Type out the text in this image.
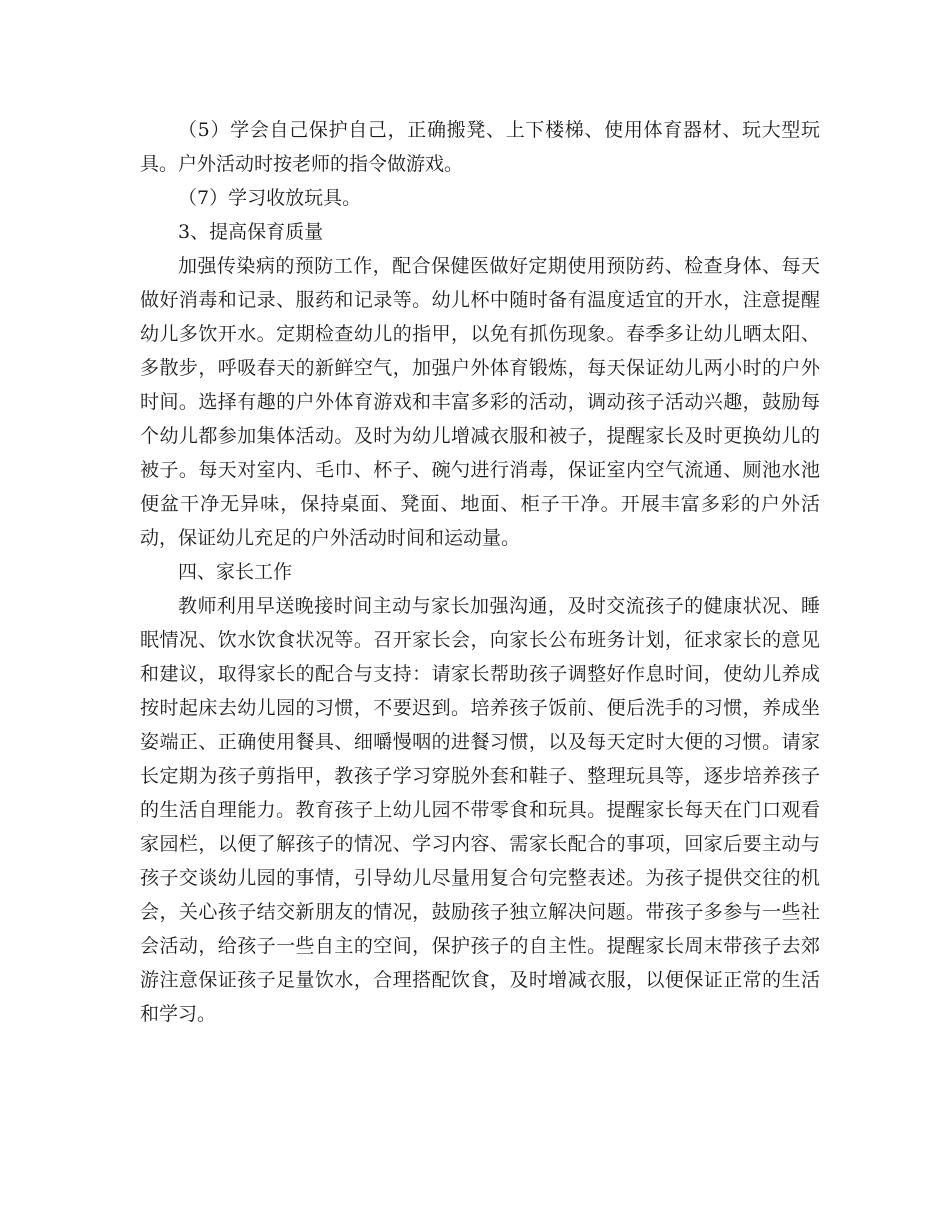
（5）学会自己保护自己，正确搬凳、上下楼梯、使用体育器材、玩大型玩具。户外活动时按老师的指令做游戏。

（7）学习收放玩具。

3、提高保育质量

加强传染病的预防工作，配合保健医做好定期使用预防药、检查身体、每天做好消毒和记录、服药和记录等。幼儿杯中随时备有温度适宜的开水，注意提醒幼儿多饮开水。定期检查幼儿的指甲，以免有抓伤现象。春季多让幼儿晒太阳、多散步，呼吸春天的新鲜空气，加强户外体育锻炼，每天保证幼儿两小时的户外时间。选择有趣的户外体育游戏和丰富多彩的活动，调动孩子活动兴趣，鼓励每个幼儿都参加集体活动。及时为幼儿增减衣服和被子，提醒家长及时更换幼儿的被子。每天对室内、毛巾、杯子、碗勺进行消毒，保证室内空气流通、厕池水池便盆干净无异味，保持桌面、凳面、地面、柜子干净。开展丰富多彩的户外活动，保证幼儿充足的户外活动时间和运动量。

四、家长工作

教师利用早送晚接时间主动与家长加强沟通，及时交流孩子的健康状况、睡眠情况、饮水饮食状况等。召开家长会，向家长公布班务计划，征求家长的意见和建议，取得家长的配合与支持：请家长帮助孩子调整好作息时间，使幼儿养成按时起床去幼儿园的习惯，不要迟到。培养孩子饭前、便后洗手的习惯，养成坐姿端正、正确使用餐具、细嚼慢咽的进餐习惯，以及每天定时大便的习惯。请家长定期为孩子剪指甲，教孩子学习穿脱外套和鞋子、整理玩具等，逐步培养孩子的生活自理能力。教育孩子上幼儿园不带零食和玩具。提醒家长每天在门口观看家园栏，以便了解孩子的情况、学习内容、需家长配合的事项，回家后要主动与孩子交谈幼儿园的事情，引导幼儿尽量用复合句完整表述。为孩子提供交往的机会，关心孩子结交新朋友的情况，鼓励孩子独立解决问题。带孩子多参与一些社会活动，给孩子一些自主的空间，保护孩子的自主性。提醒家长周末带孩子去郊游注意保证孩子足量饮水，合理搭配饮食，及时增减衣服，以便保证正常的生活和学习。
